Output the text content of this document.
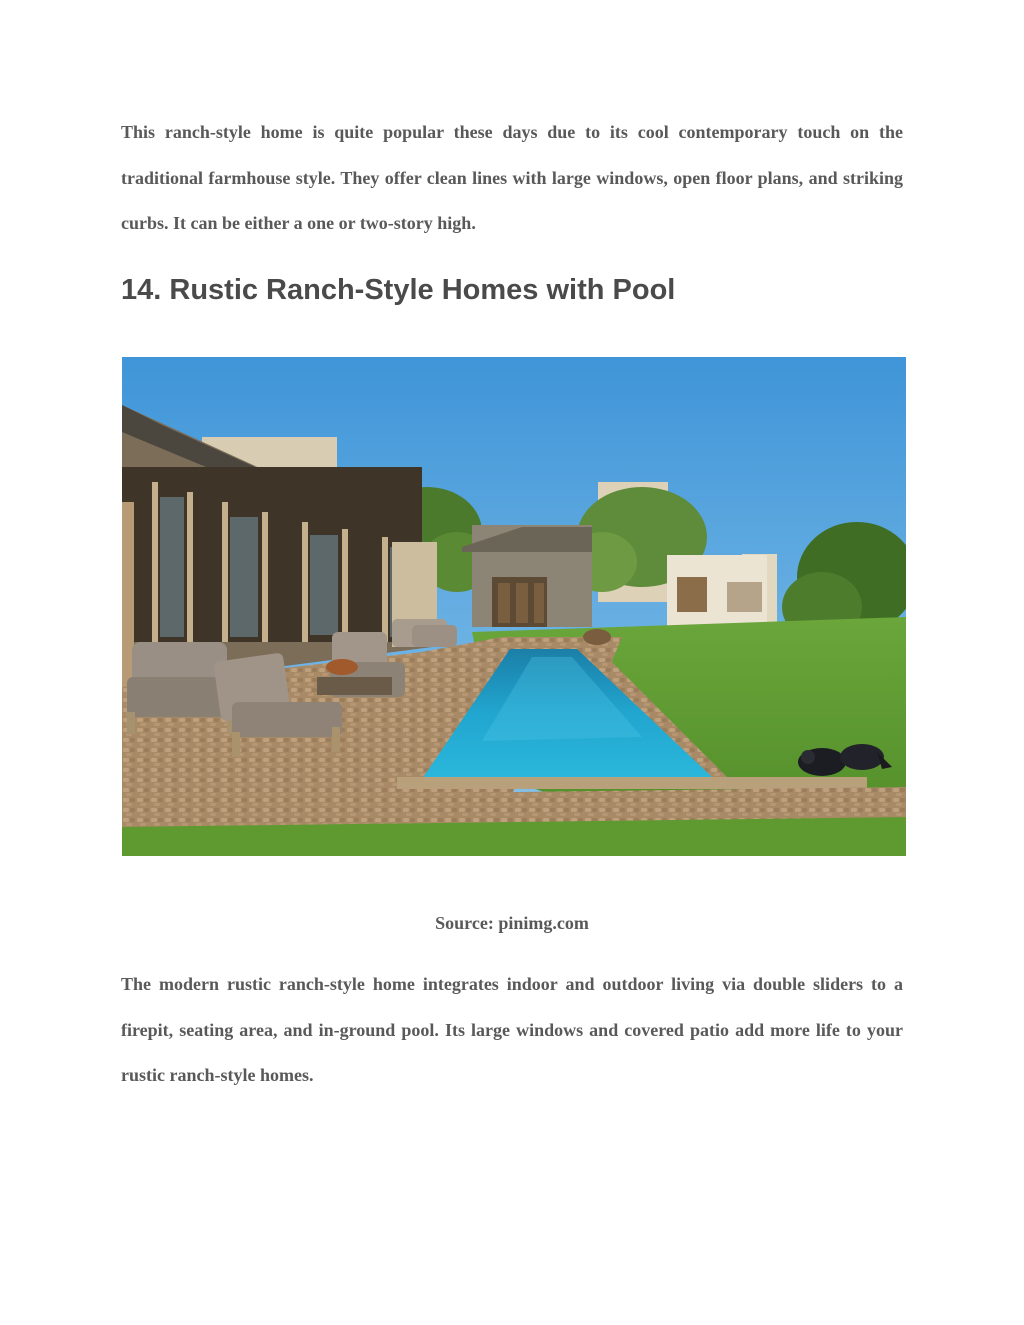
This ranch-style home is quite popular these days due to its cool contemporary touch on the traditional farmhouse style. They offer clean lines with large windows, open floor plans, and striking curbs. It can be either a one or two-story high.

14. Rustic Ranch-Style Homes with Pool

Source: pinimg.com

The modern rustic ranch-style home integrates indoor and outdoor living via double sliders to a firepit, seating area, and in-ground pool. Its large windows and covered patio add more life to your rustic ranch-style homes.
